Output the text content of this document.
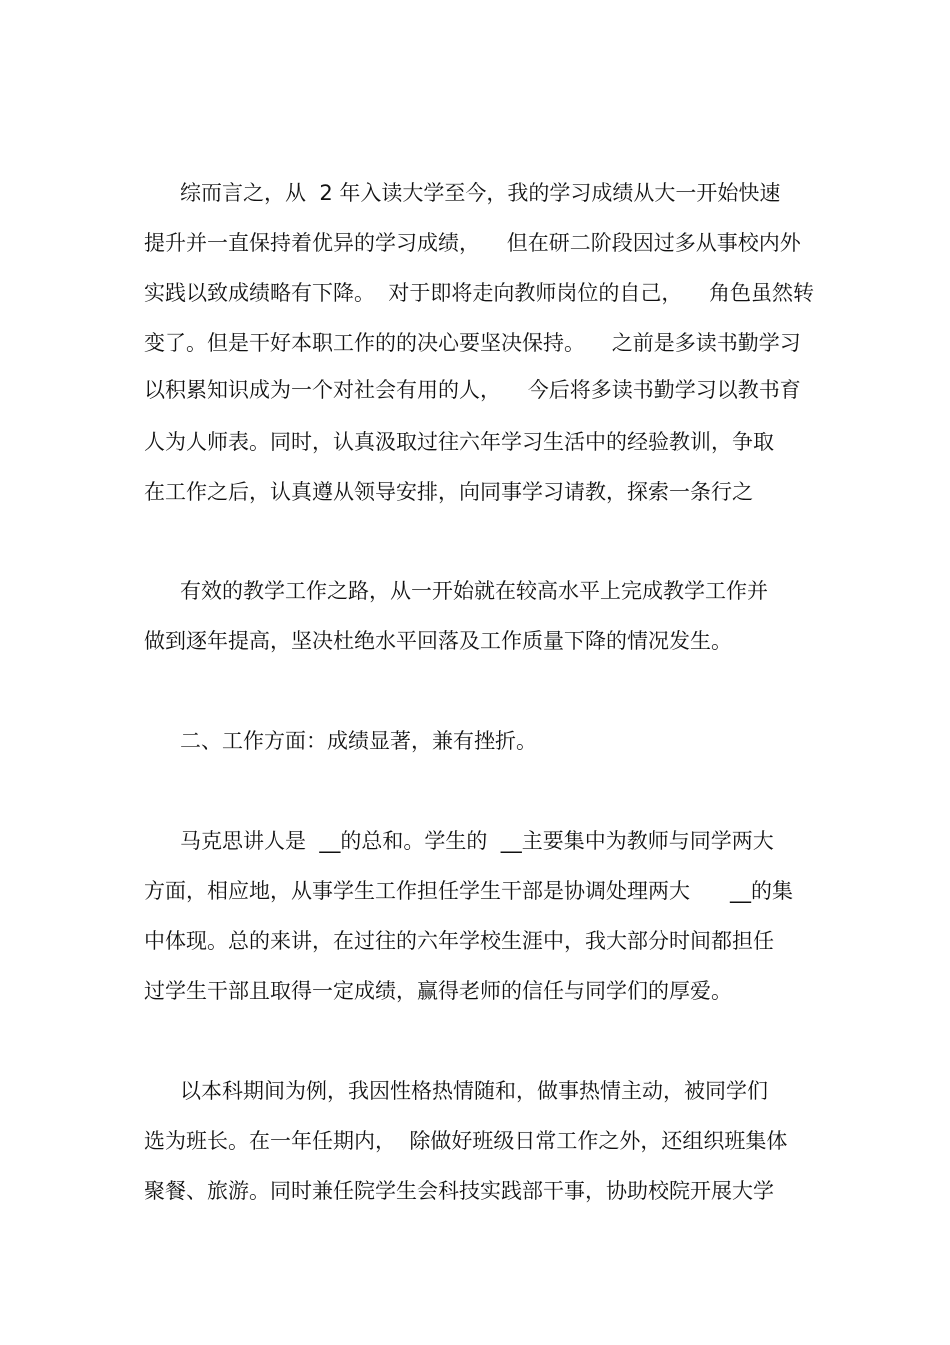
综而言之，从  2 年入读大学至今，我的学习成绩从大一开始快速
提升并一直保持着优异的学习成绩，    但在研二阶段因过多从事校内外
实践以致成绩略有下降。  对于即将走向教师岗位的自己，    角色虽然转
变了。但是干好本职工作的的决心要坚决保持。    之前是多读书勤学习
以积累知识成为一个对社会有用的人，    今后将多读书勤学习以教书育
人为人师表。同时，认真汲取过往六年学习生活中的经验教训，争取
在工作之后，认真遵从领导安排，向同事学习请教，探索一条行之
有效的教学工作之路，从一开始就在较高水平上完成教学工作并
做到逐年提高，坚决杜绝水平回落及工作质量下降的情况发生。
二、工作方面：成绩显著，兼有挫折。
马克思讲人是  __的总和。学生的  __主要集中为教师与同学两大
方面，相应地，从事学生工作担任学生干部是协调处理两大      __的集
中体现。总的来讲，在过往的六年学校生涯中，我大部分时间都担任
过学生干部且取得一定成绩，赢得老师的信任与同学们的厚爱。
以本科期间为例，我因性格热情随和，做事热情主动，被同学们
选为班长。在一年任期内，  除做好班级日常工作之外，还组织班集体
聚餐、旅游。同时兼任院学生会科技实践部干事，协助校院开展大学
